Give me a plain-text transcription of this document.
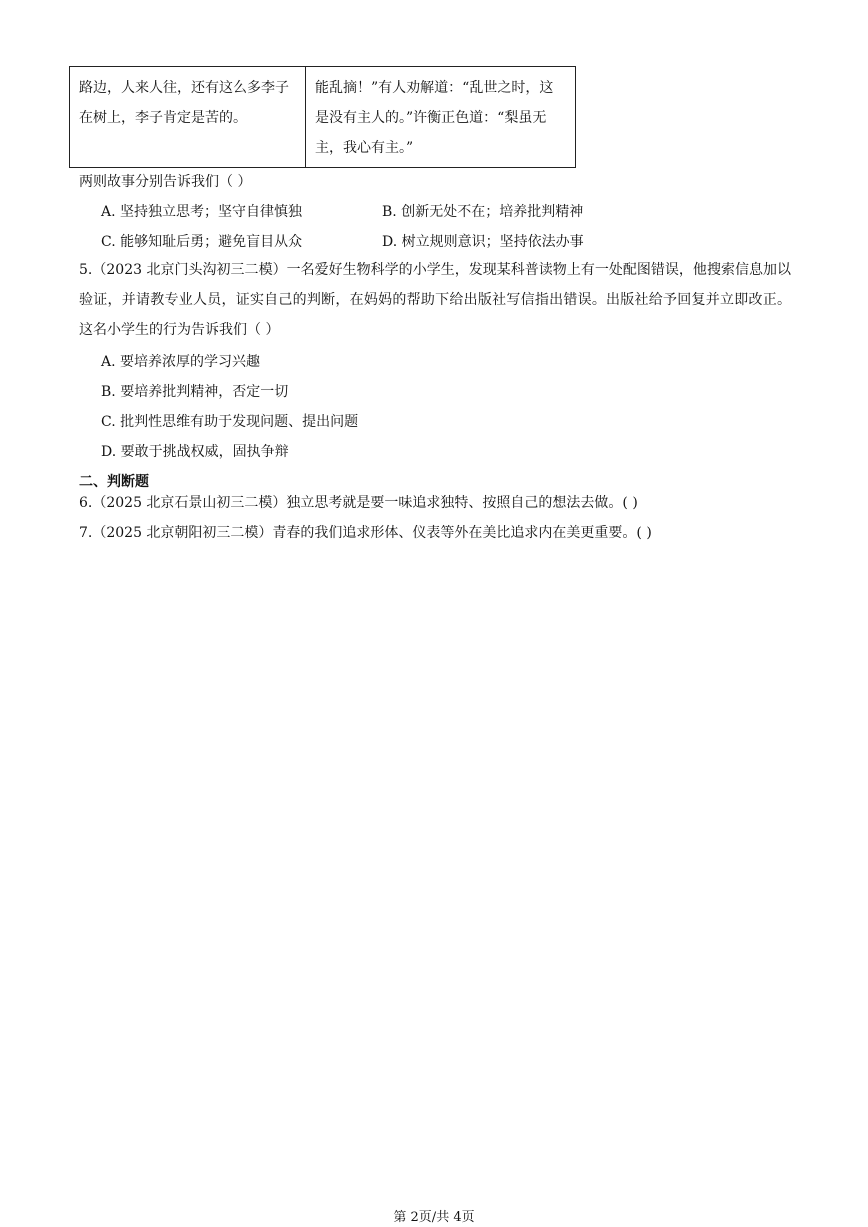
路边，人来人往，还有这么多李子在树上，李子肯定是苦的。
能乱摘！”有人劝解道：“乱世之时，这是没有主人的。”许衡正色道：“梨虽无主，我心有主。”
两则故事分别告诉我们（ ）
A. 坚持独立思考；坚守自律慎独	B. 创新无处不在；培养批判精神
C. 能够知耻后勇；避免盲目从众	D. 树立规则意识；坚持依法办事
5.（2023 北京门头沟初三二模）一名爱好生物科学的小学生，发现某科普读物上有一处配图错误，他搜索信息加以验证，并请教专业人员，证实自己的判断，在妈妈的帮助下给出版社写信指出错误。出版社给予回复并立即改正。这名小学生的行为告诉我们（ ）
A. 要培养浓厚的学习兴趣
B. 要培养批判精神，否定一切
C. 批判性思维有助于发现问题、提出问题
D. 要敢于挑战权威，固执争辩
二、判断题
6.（2025 北京石景山初三二模）独立思考就是要一味追求独特、按照自己的想法去做。( )
7.（2025 北京朝阳初三二模）青春的我们追求形体、仪表等外在美比追求内在美更重要。( )
第 2页/共 4页
